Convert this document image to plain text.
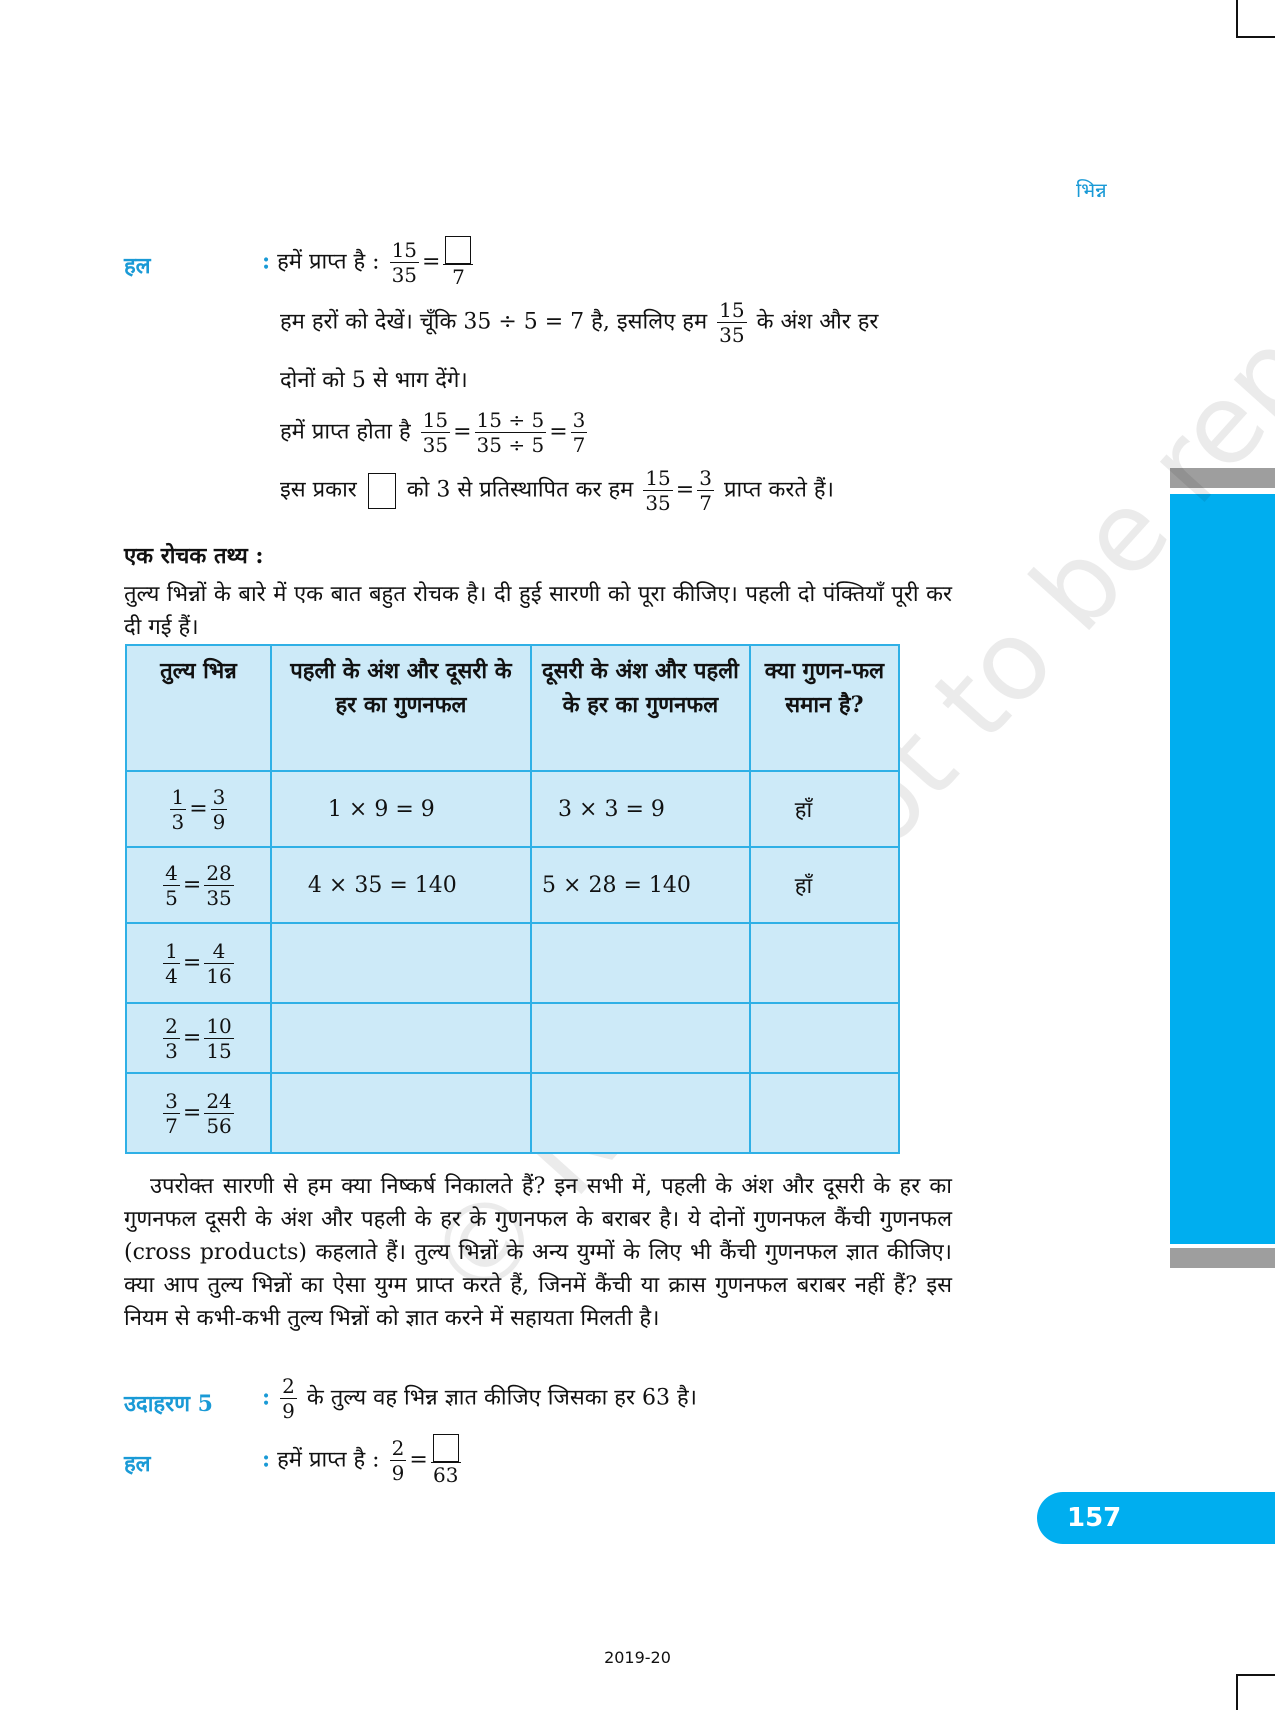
भिन्न
© to be republished
हल	: हमें प्राप्त है : $\frac{15}{35}$ =
7
हम हरों को देखें। चूँकि 35 ÷ 5 = 7 है, इसलिए हम $\frac{15}{35}$ के अंश और हर
दोनों को 5 से भाग देंगे।
हमें प्राप्त होता है $\frac{15}{35} = \frac{15 \div 5}{35 \div 5} = \frac{3}{7}$
इस प्रकार को 3 से प्रतिस्थापित कर हम $\frac{15}{35} = \frac{3}{7}$ प्राप्त करते हैं।
एक रोचक तथ्य :
तुल्य भिन्नों के बारे में एक बात बहुत रोचक है। दी हुई सारणी को पूरा कीजिए। पहली दो पंक्तियाँ पूरी कर दी गई हैं।
तुल्य भिन्न	पहली के अंश और दूसरी के हर का गुणनफल	दूसरी के अंश और पहली के हर का गुणनफल	क्या गुणन-फल समान है?

$\frac{1}{3} = \frac{3}{9}$	1 × 9 = 9	3 × 3 = 9	हाँ

$\frac{4}{5} = \frac{28}{35}$	4 × 35 = 140	5 × 28 = 140	हाँ

$\frac{1}{4} = \frac{4}{16}$

$\frac{2}{3} = \frac{10}{15}$

$\frac{3}{7} = \frac{24}{56}$

उपरोक्त सारणी से हम क्या निष्कर्ष निकालते हैं? इन सभी में, पहली के अंश और दूसरी के हर का गुणनफल दूसरी के अंश और पहली के हर के गुणनफल के बराबर है। ये दोनों गुणनफल कैंची गुणनफल (cross products) कहलाते हैं। तुल्य भिन्नों के अन्य युग्मों के लिए भी कैंची गुणनफल ज्ञात कीजिए। क्या आप तुल्य भिन्नों का ऐसा युग्म प्राप्त करते हैं, जिनमें कैंची या क्रास गुणनफल बराबर नहीं हैं? इस नियम से कभी-कभी तुल्य भिन्नों को ज्ञात करने में सहायता मिलती है।
उदाहरण 5 : $\frac{2}{9}$ के तुल्य वह भिन्न ज्ञात कीजिए जिसका हर 63 है।
हल	: हमें प्राप्त है : $\frac{2}{9}$ =
63
157
2019-20
